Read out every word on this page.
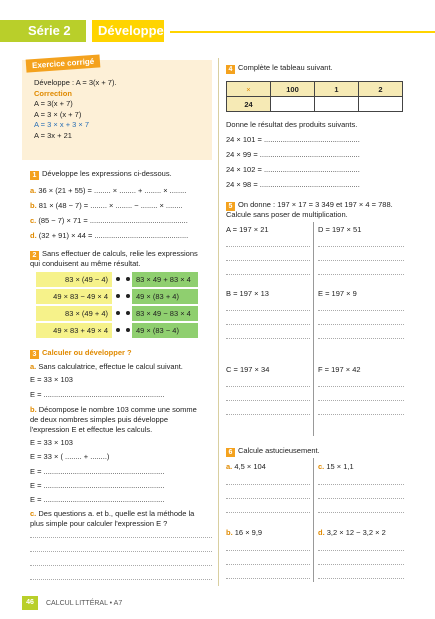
Série 2	Développer
Exercice corrigé
Développe : A = 3(x + 7).
Correction
A = 3(x + 7)
A = 3 × (x + 7)
A = 3 × x + 3 × 7
A = 3x + 21
1 Développe les expressions ci-dessous.
a. 36 × (21 + 55) = ........ × ........ + ........ × ........
b. 81 × (48 − 7) = ........ × ........ − ........ × ........
c. (85 − 7) × 71 = ...............................................
d. (32 + 91) × 44 = .............................................
2 Sans effectuer de calculs, relie les expressions
qui conduisent au même résultat.
83 × (49 − 4)	83 × 49 + 83 × 4
49 × 83 − 49 × 4	49 × (83 + 4)
83 × (49 + 4)	83 × 49 − 83 × 4
49 × 83 + 49 × 4	49 × (83 − 4)
3 Calculer ou développer ?
a. Sans calculatrice, effectue le calcul suivant.
E = 33 × 103
E = ..........................................................
b. Décompose le nombre 103 comme une somme
de deux nombres simples puis développe
l'expression E et effectue les calculs.
E = 33 × 103
E = 33 × ( ........ + ........)
E = ..........................................................
E = ..........................................................
E = ..........................................................
c. Des questions a. et b., quelle est la méthode la
plus simple pour calculer l'expression E ?
4 Complète le tableau suivant.
×	100	1	2
24			
Donne le résultat des produits suivants.
24 × 101 = ..............................................
24 × 99 = ................................................
24 × 102 = ..............................................
24 × 98 = ................................................
5 On donne : 197 × 17 = 3 349 et 197 × 4 = 788.
Calcule sans poser de multiplication.
A = 197 × 21	D = 197 × 51
B = 197 × 13	E = 197 × 9
C = 197 × 34	F = 197 × 42
6 Calcule astucieusement.
a. 4,5 × 104	c. 15 × 1,1
b. 16 × 9,9	d. 3,2 × 12 − 3,2 × 2
46	CALCUL LITTÉRAL • A7
